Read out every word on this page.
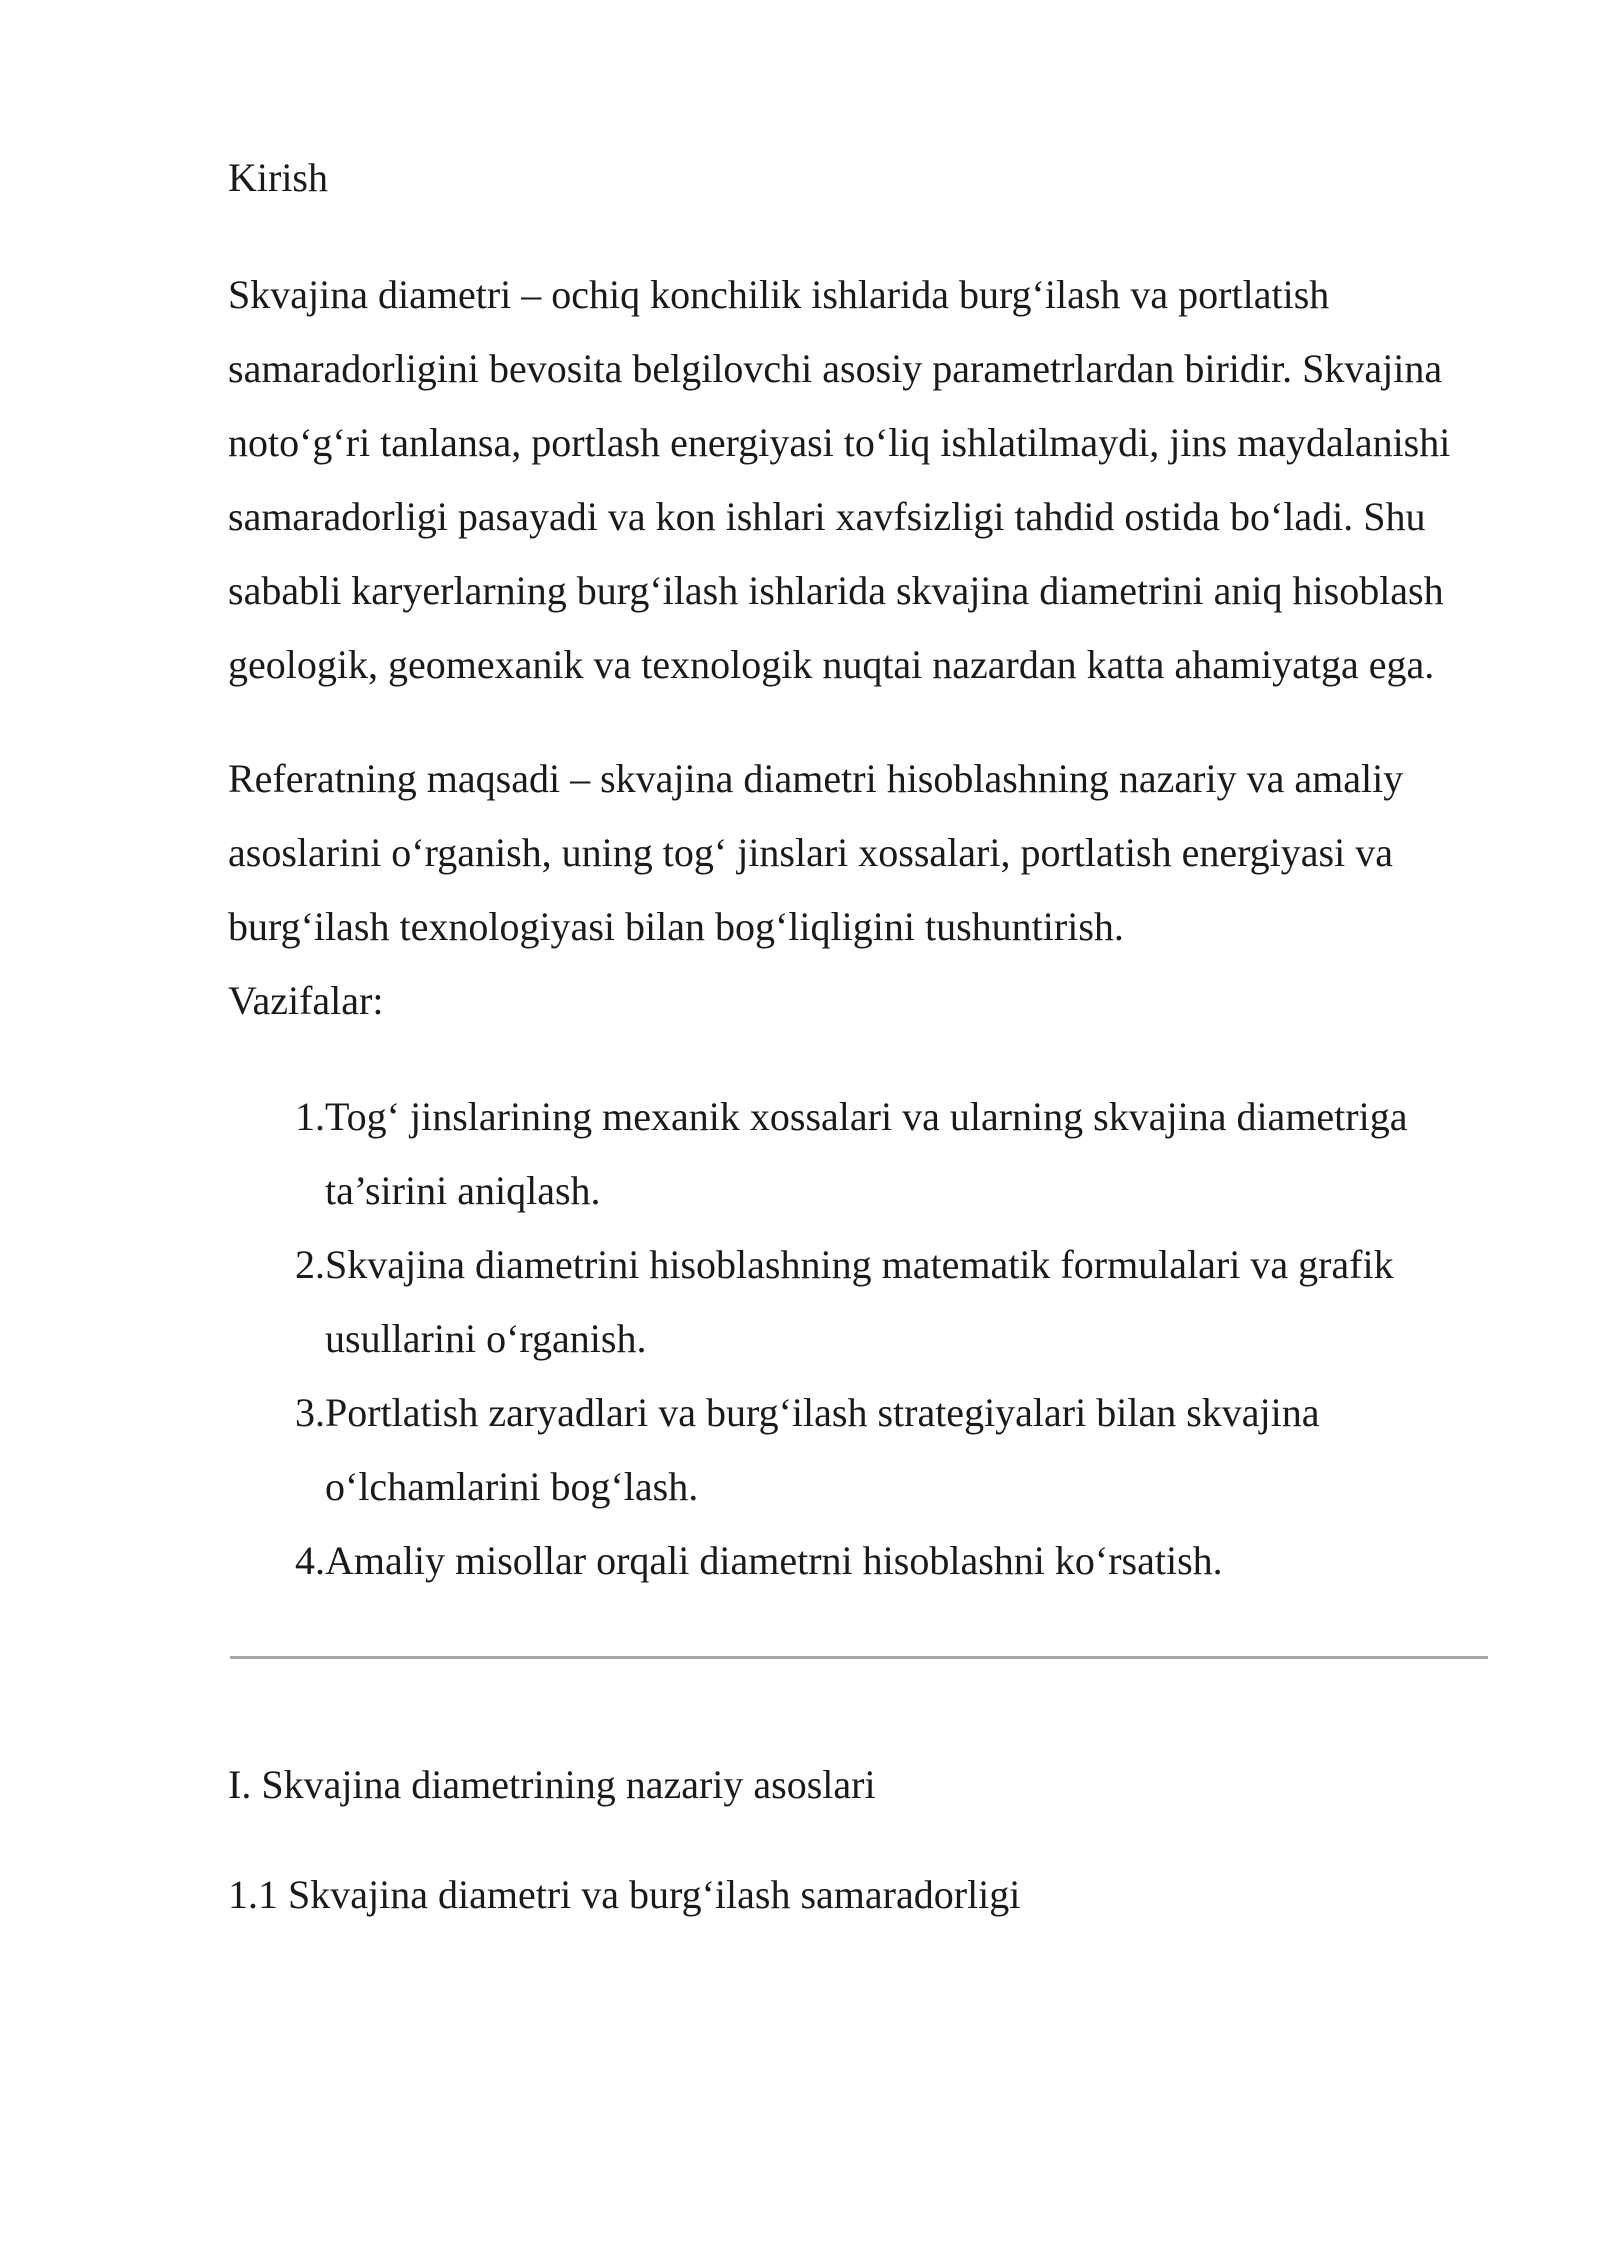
Kirish

Skvajina diametri – ochiq konchilik ishlarida burg‘ilash va portlatish samaradorligini bevosita belgilovchi asosiy parametrlardan biridir. Skvajina noto‘g‘ri tanlansa, portlash energiyasi to‘liq ishlatilmaydi, jins maydalanishi samaradorligi pasayadi va kon ishlari xavfsizligi tahdid ostida bo‘ladi. Shu sababli karyerlarning burg‘ilash ishlarida skvajina diametrini aniq hisoblash geologik, geomexanik va texnologik nuqtai nazardan katta ahamiyatga ega.

Referatning maqsadi – skvajina diametri hisoblashning nazariy va amaliy asoslarini o‘rganish, uning tog‘ jinslari xossalari, portlatish energiyasi va burg‘ilash texnologiyasi bilan bog‘liqligini tushuntirish.

Vazifalar:

1. Tog‘ jinslarining mexanik xossalari va ularning skvajina diametriga ta’sirini aniqlash.
2. Skvajina diametrini hisoblashning matematik formulalari va grafik usullarini o‘rganish.
3. Portlatish zaryadlari va burg‘ilash strategiyalari bilan skvajina o‘lchamlarini bog‘lash.
4. Amaliy misollar orqali diametrni hisoblashni ko‘rsatish.
I. Skvajina diametrining nazariy asoslari
1.1 Skvajina diametri va burg‘ilash samaradorligi
